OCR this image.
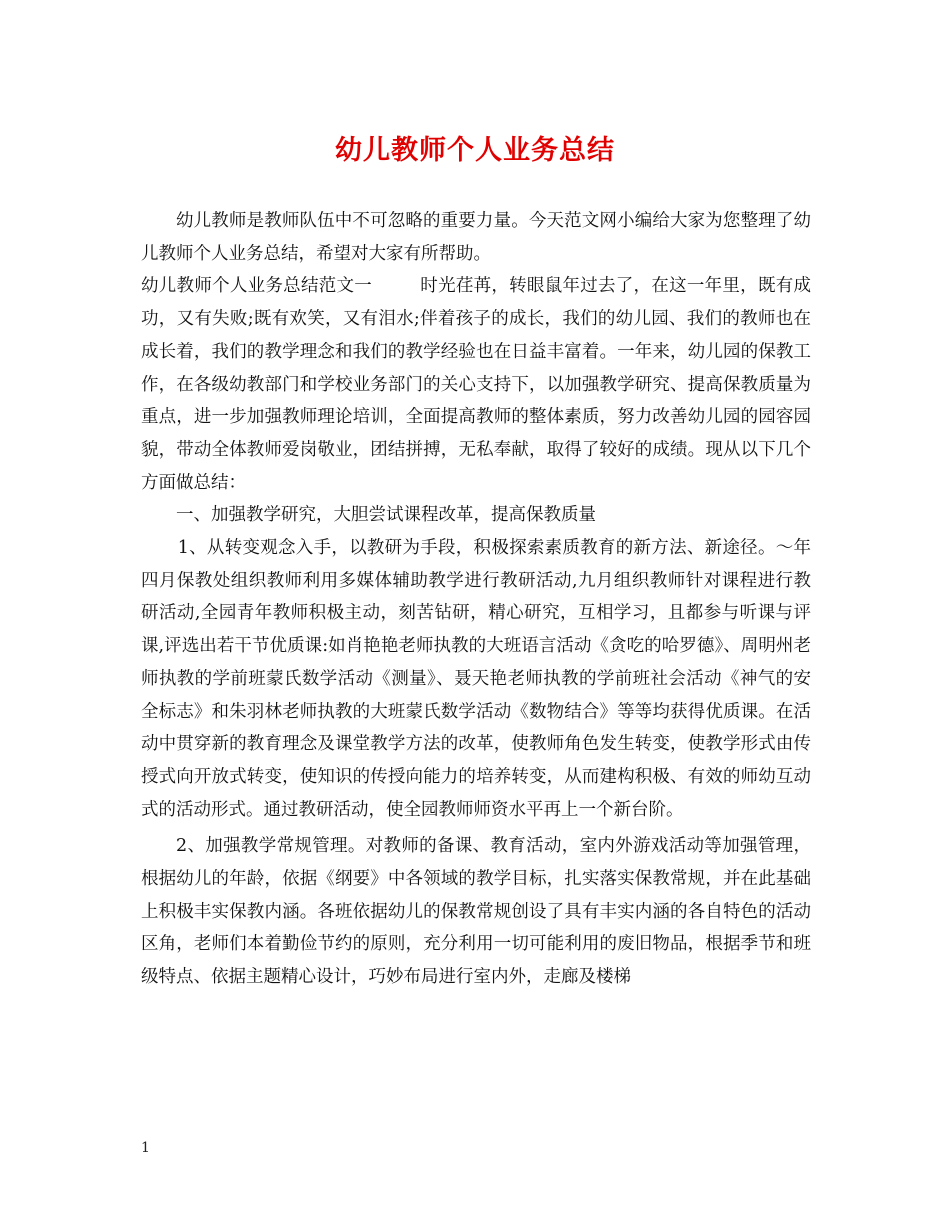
幼儿教师个人业务总结

幼儿教师是教师队伍中不可忽略的重要力量。今天范文网小编给大家为您整理了幼儿教师个人业务总结，希望对大家有所帮助。

幼儿教师个人业务总结范文一	时光荏苒，转眼鼠年过去了，在这一年里，既有成功，又有失败;既有欢笑，又有泪水;伴着孩子的成长，我们的幼儿园、我们的教师也在成长着，我们的教学理念和我们的教学经验也在日益丰富着。一年来，幼儿园的保教工作，在各级幼教部门和学校业务部门的关心支持下，以加强教学研究、提高保教质量为重点，进一步加强教师理论培训，全面提高教师的整体素质，努力改善幼儿园的园容园貌，带动全体教师爱岗敬业，团结拼搏，无私奉献，取得了较好的成绩。现从以下几个方面做总结：

一、加强教学研究，大胆尝试课程改革，提高保教质量

1、从转变观念入手，以教研为手段，积极探索素质教育的新方法、新途径。～年四月保教处组织教师利用多媒体辅助教学进行教研活动,九月组织教师针对课程进行教研活动,全园青年教师积极主动，刻苦钻研，精心研究，互相学习，且都参与听课与评课,评选出若干节优质课:如肖艳艳老师执教的大班语言活动《贪吃的哈罗德》、周明州老师执教的学前班蒙氏数学活动《测量》、聂天艳老师执教的学前班社会活动《神气的安全标志》和朱羽林老师执教的大班蒙氏数学活动《数物结合》等等均获得优质课。在活动中贯穿新的教育理念及课堂教学方法的改革，使教师角色发生转变，使教学形式由传授式向开放式转变，使知识的传授向能力的培养转变，从而建构积极、有效的师幼互动式的活动形式。通过教研活动，使全园教师师资水平再上一个新台阶。

2、加强教学常规管理。对教师的备课、教育活动，室内外游戏活动等加强管理，根据幼儿的年龄，依据《纲要》中各领域的教学目标，扎实落实保教常规，并在此基础上积极丰实保教内涵。各班依据幼儿的保教常规创设了具有丰实内涵的各自特色的活动区角，老师们本着勤俭节约的原则，充分利用一切可能利用的废旧物品，根据季节和班级特点、依据主题精心设计，巧妙布局进行室内外，走廊及楼梯

1
